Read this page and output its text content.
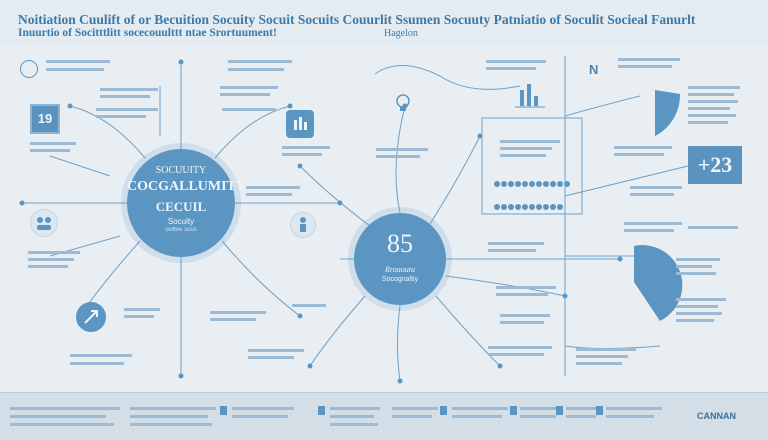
Noitiation Cuulift of or Becuition Socuity Socuit Socuits Couurlit Ssumen Socuuty Patniatio of Soculit Socieal Fanurlt
Inuurtio of Socitttlitt socecouulttt ntae Srortuument!	Hagelon
19
+23
N
SOCUUITY
COCGALLUMITY
CECUIL
Socuity
selltee sous	85
Rroaoutu
Socognaltiy
CANNAN
